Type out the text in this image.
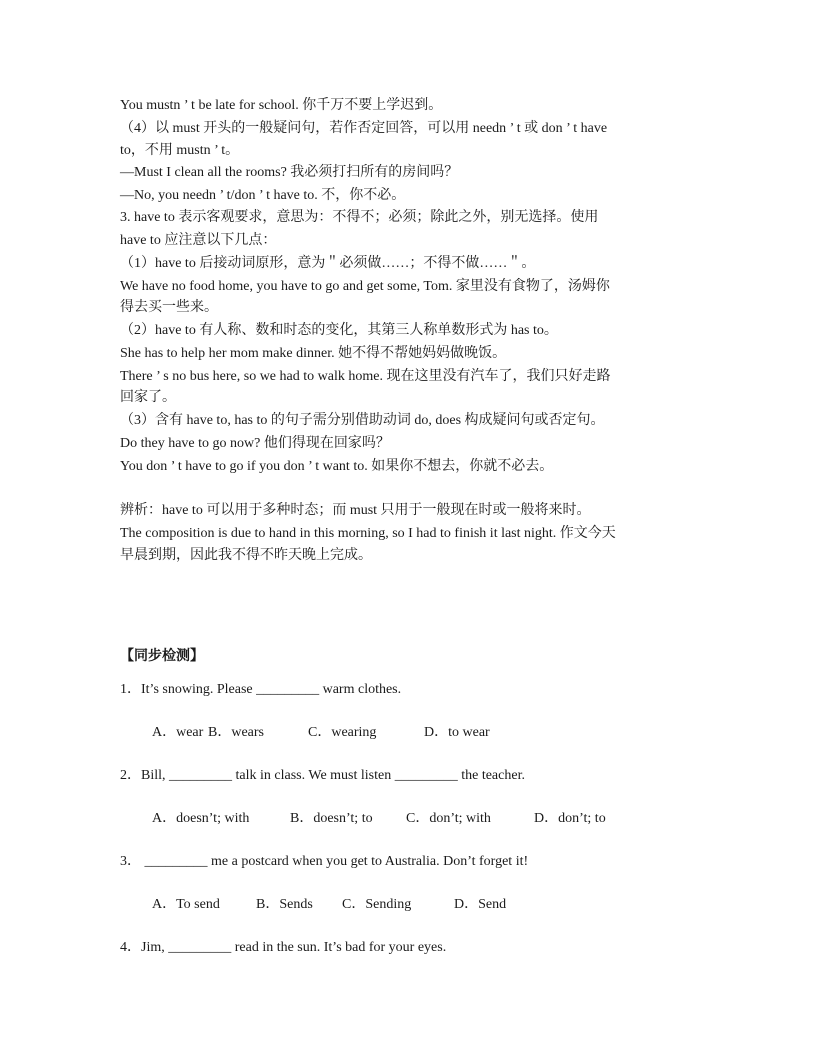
You mustn ’ t be late for school. 你千万不要上学迟到。
（4）以 must 开头的一般疑问句，若作否定回答，可以用 needn ’ t 或 don ’ t have
to，不用 mustn ’ t。
—Must I clean all the rooms? 我必须打扫所有的房间吗？
—No, you needn ’ t/don ’ t have to. 不，你不必。
3. have to 表示客观要求，意思为：不得不；必须；除此之外，别无选择。使用
have to 应注意以下几点：
（1）have to 后接动词原形，意为＂必须做……；不得不做……＂。
We have no food home, you have to go and get some, Tom. 家里没有食物了，汤姆你
得去买一些来。
（2）have to 有人称、数和时态的变化，其第三人称单数形式为 has to。
She has to help her mom make dinner. 她不得不帮她妈妈做晚饭。
There ’ s no bus here, so we had to walk home. 现在这里没有汽车了，我们只好走路
回家了。
（3）含有 have to, has to 的句子需分别借助动词 do, does 构成疑问句或否定句。
Do they have to go now? 他们得现在回家吗？
You don ’ t have to go if you don ’ t want to. 如果你不想去，你就不必去。
辨析：have to 可以用于多种时态；而 must 只用于一般现在时或一般将来时。
The composition is due to hand in this morning, so I had to finish it last night. 作文今天
早晨到期，因此我不得不昨天晚上完成。
【同步检测】
1．It’s snowing. Please _________ warm clothes.
A．wear B．wears	C．wearing	D．to wear
2．Bill, _________ talk in class. We must listen _________ the teacher.
A．doesn’t; with	B．doesn’t; to C．don’t; with	D．don’t; to
3． _________ me a postcard when you get to Australia. Don’t forget it!
A．To send	B．Sends C．Sending	D．Send
4．Jim, _________ read in the sun. It’s bad for your eyes.
